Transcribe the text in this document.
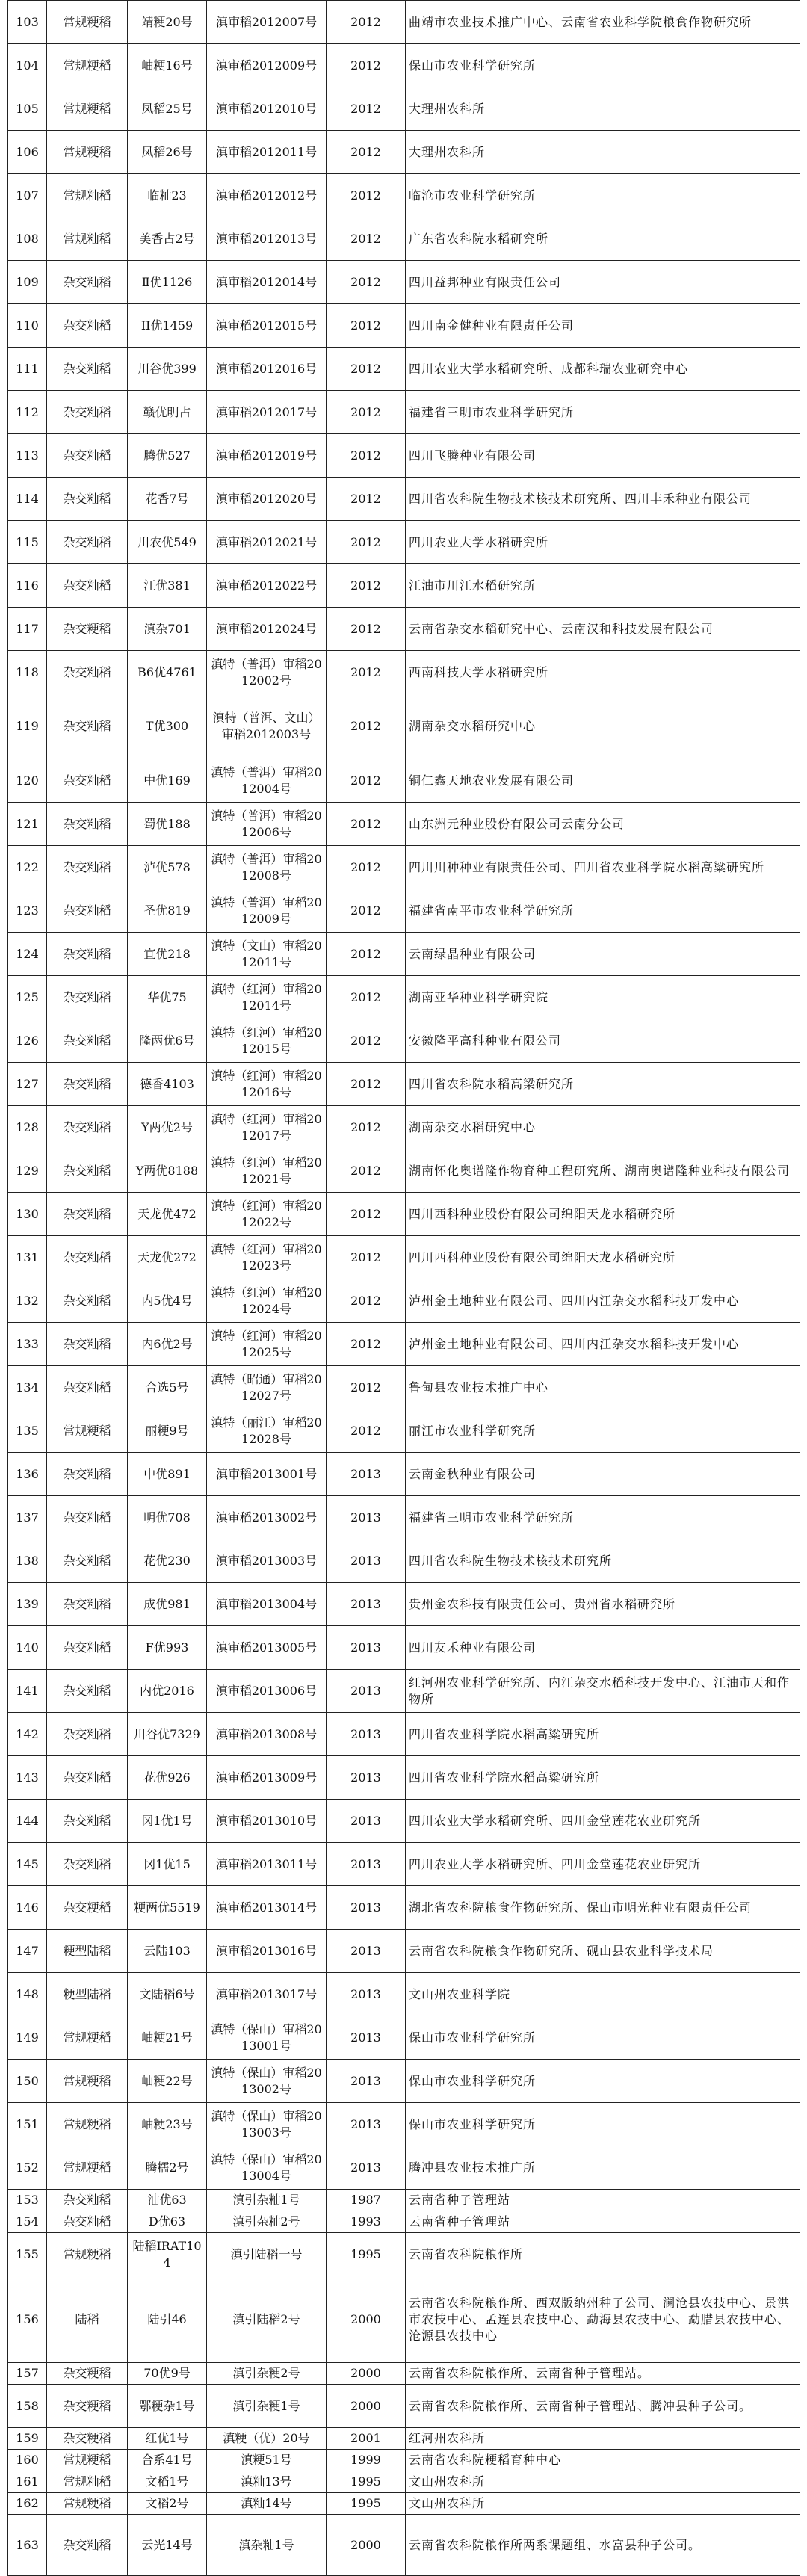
103	常规粳稻	靖粳20号	滇审稻2012007号	2012	曲靖市农业技术推广中心、云南省农业科学院粮食作物研究所
104	常规粳稻	岫粳16号	滇审稻2012009号	2012	保山市农业科学研究所
105	常规粳稻	凤稻25号	滇审稻2012010号	2012	大理州农科所
106	常规粳稻	凤稻26号	滇审稻2012011号	2012	大理州农科所
107	常规籼稻	临籼23	滇审稻2012012号	2012	临沧市农业科学研究所
108	常规籼稻	美香占2号	滇审稻2012013号	2012	广东省农科院水稻研究所
109	杂交籼稻	Ⅱ优1126	滇审稻2012014号	2012	四川益邦种业有限责任公司
110	杂交籼稻	II优1459	滇审稻2012015号	2012	四川南金健种业有限责任公司
111	杂交籼稻	川谷优399	滇审稻2012016号	2012	四川农业大学水稻研究所、成都科瑞农业研究中心
112	杂交籼稻	赣优明占	滇审稻2012017号	2012	福建省三明市农业科学研究所
113	杂交籼稻	腾优527	滇审稻2012019号	2012	四川飞腾种业有限公司
114	杂交籼稻	花香7号	滇审稻2012020号	2012	四川省农科院生物技术核技术研究所、四川丰禾种业有限公司
115	杂交籼稻	川农优549	滇审稻2012021号	2012	四川农业大学水稻研究所
116	杂交籼稻	江优381	滇审稻2012022号	2012	江油市川江水稻研究所
117	杂交粳稻	滇杂701	滇审稻2012024号	2012	云南省杂交水稻研究中心、云南汉和科技发展有限公司
118	杂交籼稻	B6优4761	滇特（普洱）审稻2012002号	2012	西南科技大学水稻研究所
119	杂交籼稻	T优300	滇特（普洱、文山）审稻2012003号	2012	湖南杂交水稻研究中心
120	杂交籼稻	中优169	滇特（普洱）审稻2012004号	2012	铜仁鑫天地农业发展有限公司
121	杂交籼稻	蜀优188	滇特（普洱）审稻2012006号	2012	山东洲元种业股份有限公司云南分公司
122	杂交籼稻	泸优578	滇特（普洱）审稻2012008号	2012	四川川种种业有限责任公司、四川省农业科学院水稻高粱研究所
123	杂交籼稻	圣优819	滇特（普洱）审稻2012009号	2012	福建省南平市农业科学研究所
124	杂交籼稻	宜优218	滇特（文山）审稻2012011号	2012	云南绿晶种业有限公司
125	杂交籼稻	华优75	滇特（红河）审稻2012014号	2012	湖南亚华种业科学研究院
126	杂交籼稻	隆两优6号	滇特（红河）审稻2012015号	2012	安徽隆平高科种业有限公司
127	杂交籼稻	德香4103	滇特（红河）审稻2012016号	2012	四川省农科院水稻高梁研究所
128	杂交籼稻	Y两优2号	滇特（红河）审稻2012017号	2012	湖南杂交水稻研究中心
129	杂交籼稻	Y两优8188	滇特（红河）审稻2012021号	2012	湖南怀化奥谱隆作物育种工程研究所、湖南奥谱隆种业科技有限公司
130	杂交籼稻	天龙优472	滇特（红河）审稻2012022号	2012	四川西科种业股份有限公司绵阳天龙水稻研究所
131	杂交籼稻	天龙优272	滇特（红河）审稻2012023号	2012	四川西科种业股份有限公司绵阳天龙水稻研究所
132	杂交籼稻	内5优4号	滇特（红河）审稻2012024号	2012	泸州金土地种业有限公司、四川内江杂交水稻科技开发中心
133	杂交籼稻	内6优2号	滇特（红河）审稻2012025号	2012	泸州金土地种业有限公司、四川内江杂交水稻科技开发中心
134	杂交籼稻	合选5号	滇特（昭通）审稻2012027号	2012	鲁甸县农业技术推广中心
135	常规粳稻	丽粳9号	滇特（丽江）审稻2012028号	2012	丽江市农业科学研究所
136	杂交籼稻	中优891	滇审稻2013001号	2013	云南金秋种业有限公司
137	杂交籼稻	明优708	滇审稻2013002号	2013	福建省三明市农业科学研究所
138	杂交籼稻	花优230	滇审稻2013003号	2013	四川省农科院生物技术核技术研究所
139	杂交籼稻	成优981	滇审稻2013004号	2013	贵州金农科技有限责任公司、贵州省水稻研究所
140	杂交籼稻	F优993	滇审稻2013005号	2013	四川友禾种业有限公司
141	杂交籼稻	内优2016	滇审稻2013006号	2013	红河州农业科学研究所、内江杂交水稻科技开发中心、江油市天和作物所
142	杂交籼稻	川谷优7329	滇审稻2013008号	2013	四川省农业科学院水稻高粱研究所
143	杂交籼稻	花优926	滇审稻2013009号	2013	四川省农业科学院水稻高粱研究所
144	杂交籼稻	冈1优1号	滇审稻2013010号	2013	四川农业大学水稻研究所、四川金堂莲花农业研究所
145	杂交籼稻	冈1优15	滇审稻2013011号	2013	四川农业大学水稻研究所、四川金堂莲花农业研究所
146	杂交粳稻	粳两优5519	滇审稻2013014号	2013	湖北省农科院粮食作物研究所、保山市明光种业有限责任公司
147	粳型陆稻	云陆103	滇审稻2013016号	2013	云南省农科院粮食作物研究所、砚山县农业科学技术局
148	粳型陆稻	文陆稻6号	滇审稻2013017号	2013	文山州农业科学院
149	常规粳稻	岫粳21号	滇特（保山）审稻2013001号	2013	保山市农业科学研究所
150	常规粳稻	岫粳22号	滇特（保山）审稻2013002号	2013	保山市农业科学研究所
151	常规粳稻	岫粳23号	滇特（保山）审稻2013003号	2013	保山市农业科学研究所
152	常规粳稻	腾糯2号	滇特（保山）审稻2013004号	2013	腾冲县农业技术推广所
153	杂交籼稻	汕优63	滇引杂籼1号	1987	云南省种子管理站
154	杂交籼稻	D优63	滇引杂籼2号	1993	云南省种子管理站
155	常规粳稻	陆稻IRAT104	滇引陆稻一号	1995	云南省农科院粮作所
156	陆稻	陆引46	滇引陆稻2号	2000	云南省农科院粮作所、西双版纳州种子公司、澜沧县农技中心、景洪市农技中心、孟连县农技中心、勐海县农技中心、勐腊县农技中心、沧源县农技中心
157	杂交粳稻	70优9号	滇引杂粳2号	2000	云南省农科院粮作所、云南省种子管理站。
158	杂交粳稻	鄂粳杂1号	滇引杂粳1号	2000	云南省农科院粮作所、云南省种子管理站、腾冲县种子公司。
159	杂交粳稻	红优1号	滇粳（优）20号	2001	红河州农科所
160	常规粳稻	合系41号	滇粳51号	1999	云南省农科院粳稻育种中心
161	常规籼稻	文稻1号	滇籼13号	1995	文山州农科所
162	常规粳稻	文稻2号	滇籼14号	1995	文山州农科所
163	杂交籼稻	云光14号	滇杂籼1号	2000	云南省农科院粮作所两系课题组、水富县种子公司。
